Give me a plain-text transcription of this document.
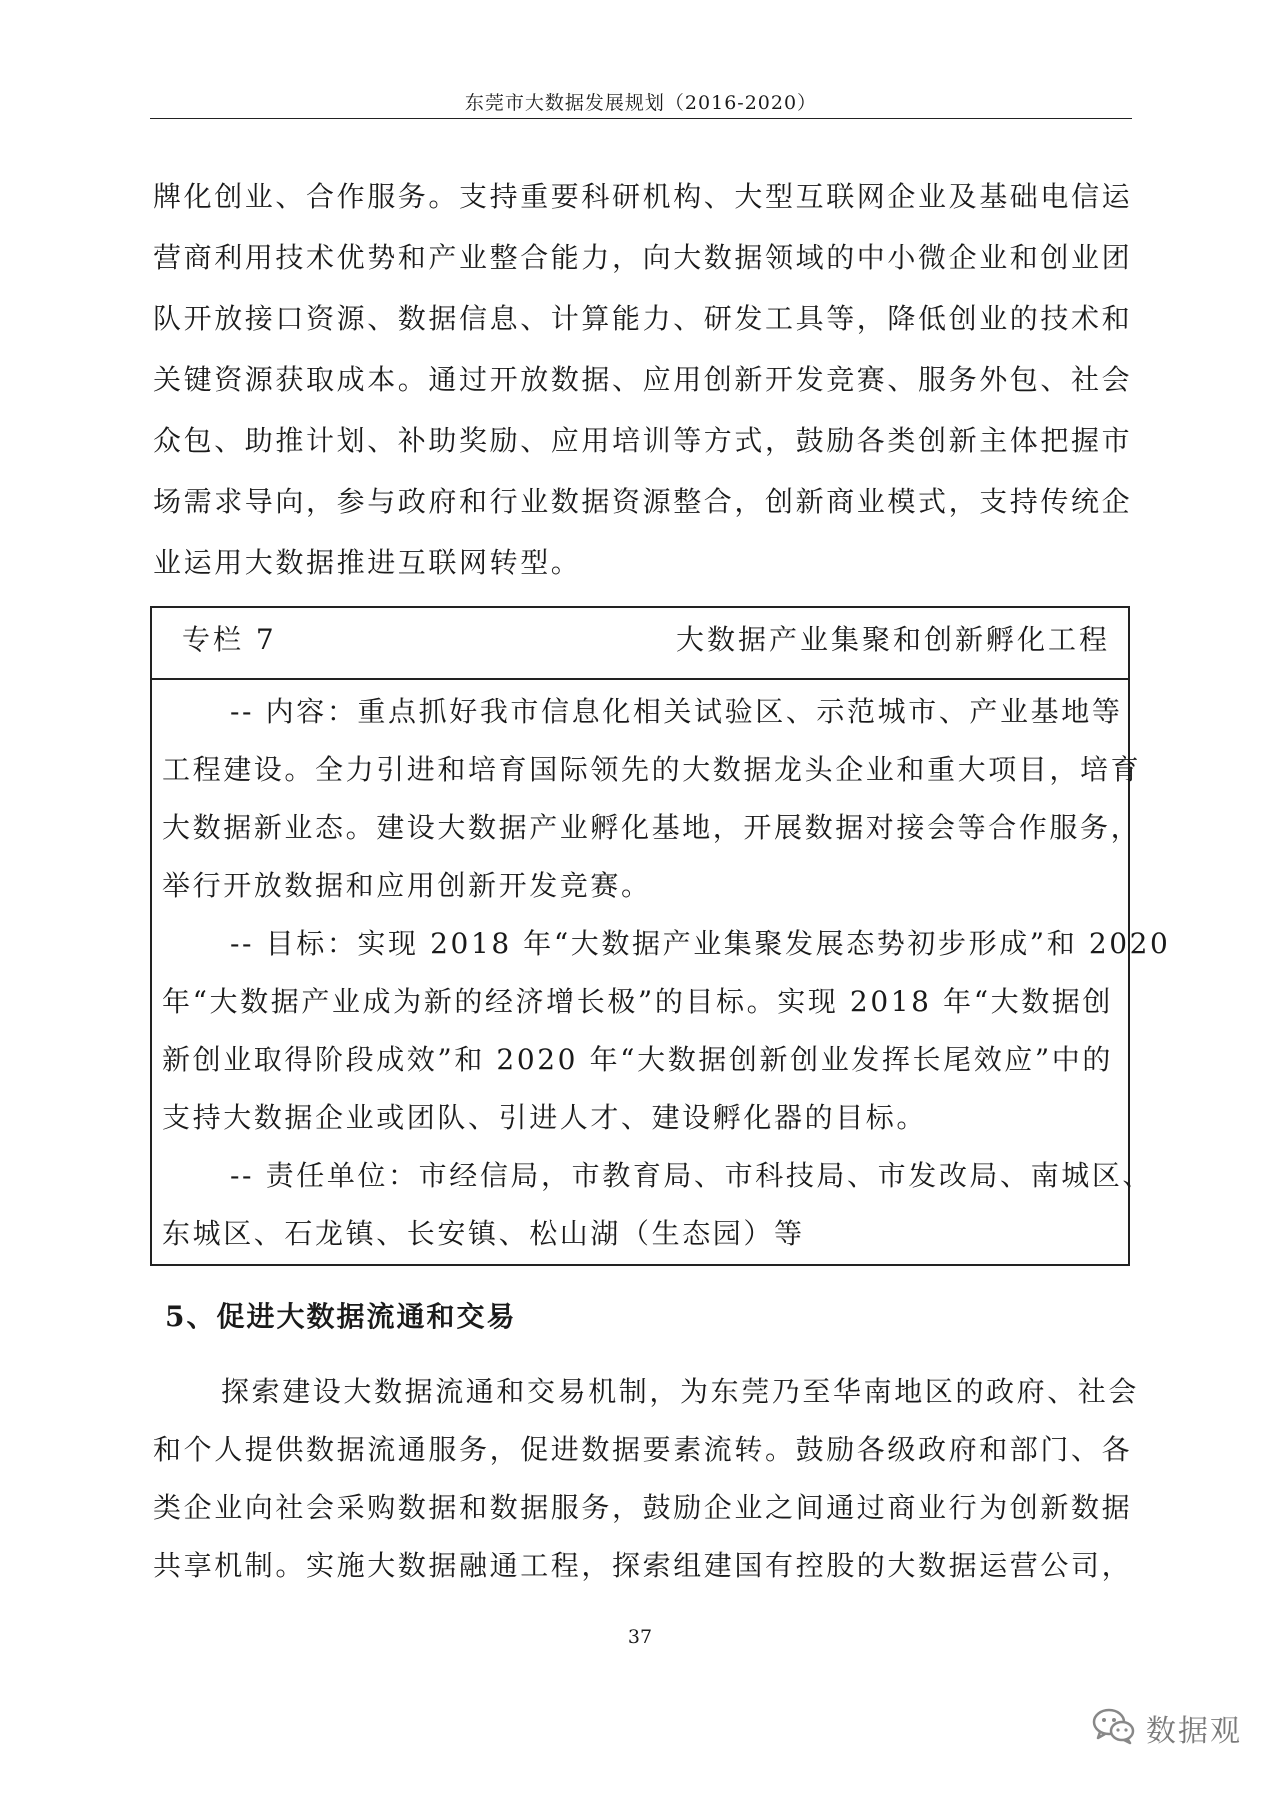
东莞市大数据发展规划（2016-2020）
牌化创业、合作服务。支持重要科研机构、大型互联网企业及基础电信运
营商利用技术优势和产业整合能力，向大数据领域的中小微企业和创业团
队开放接口资源、数据信息、计算能力、研发工具等，降低创业的技术和
关键资源获取成本。通过开放数据、应用创新开发竞赛、服务外包、社会
众包、助推计划、补助奖励、应用培训等方式，鼓励各类创新主体把握市
场需求导向，参与政府和行业数据资源整合，创新商业模式，支持传统企
业运用大数据推进互联网转型。
专栏 7	大数据产业集聚和创新孵化工程
-- 内容：重点抓好我市信息化相关试验区、示范城市、产业基地等
工程建设。全力引进和培育国际领先的大数据龙头企业和重大项目，培育
大数据新业态。建设大数据产业孵化基地，开展数据对接会等合作服务，
举行开放数据和应用创新开发竞赛。
-- 目标：实现 2018 年“大数据产业集聚发展态势初步形成”和 2020
年“大数据产业成为新的经济增长极”的目标。实现 2018 年“大数据创
新创业取得阶段成效”和 2020 年“大数据创新创业发挥长尾效应”中的
支持大数据企业或团队、引进人才、建设孵化器的目标。
-- 责任单位：市经信局，市教育局、市科技局、市发改局、南城区、
东城区、石龙镇、长安镇、松山湖（生态园）等
5、促进大数据流通和交易
探索建设大数据流通和交易机制，为东莞乃至华南地区的政府、社会
和个人提供数据流通服务，促进数据要素流转。鼓励各级政府和部门、各
类企业向社会采购数据和数据服务，鼓励企业之间通过商业行为创新数据
共享机制。实施大数据融通工程，探索组建国有控股的大数据运营公司，
37
数据观
